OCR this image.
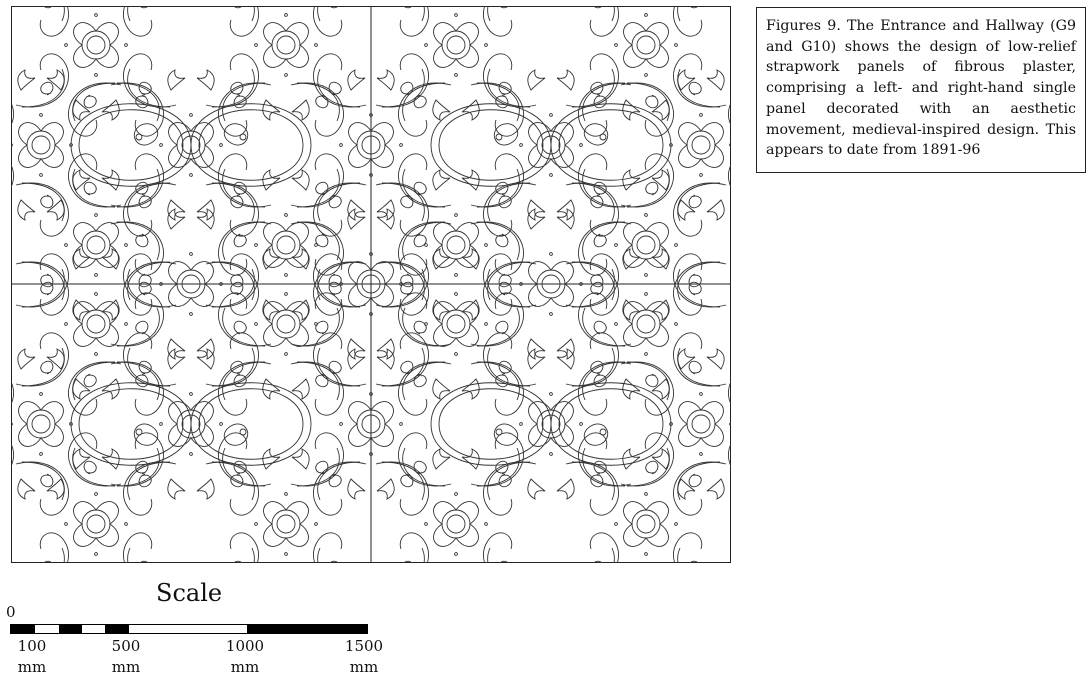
Figures 9. The Entrance and Hallway (G9 and G10) shows the design of low-relief strapwork panels of fibrous plaster, comprising a left- and right-hand single panel decorated with an aesthetic movement, medieval-inspired design. This appears to date from 1891-96
Scale
0
100
mm
500
mm
1000
mm
1500
mm
